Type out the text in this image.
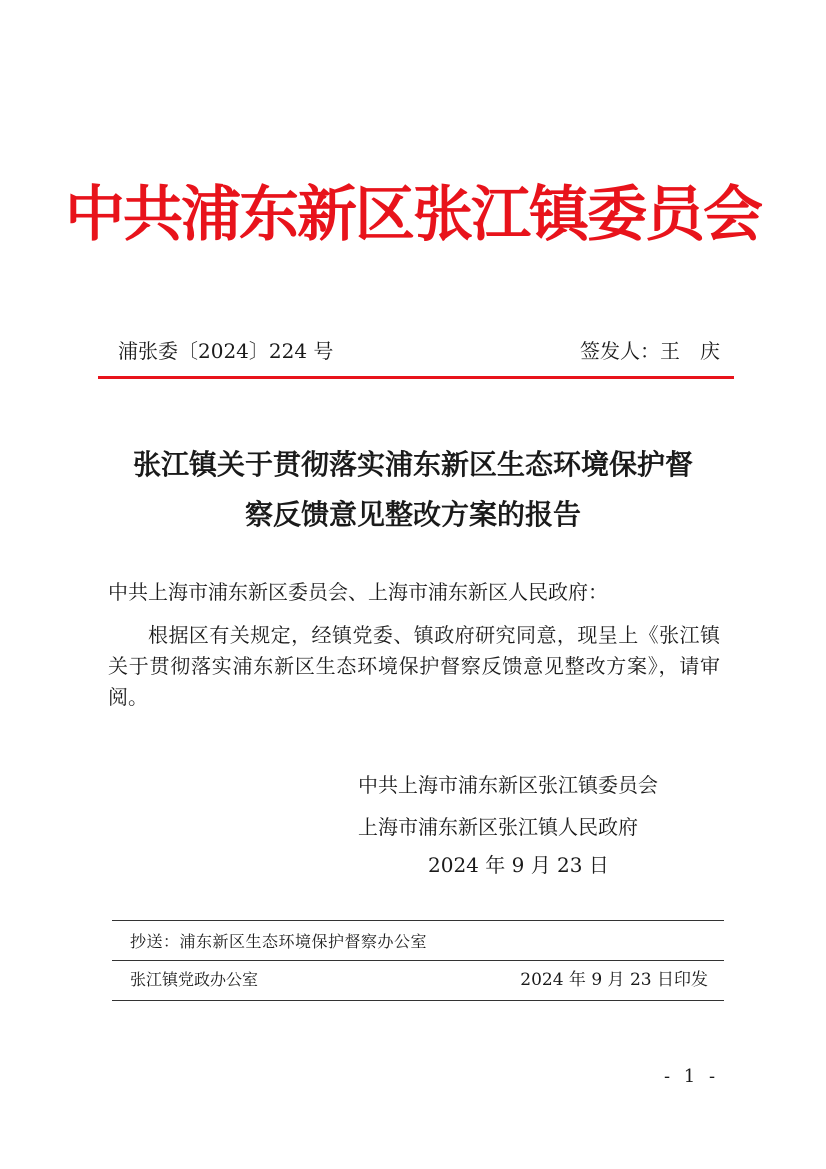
中共浦东新区张江镇委员会
浦张委〔2024〕224 号	签发人：王　庆
张江镇关于贯彻落实浦东新区生态环境保护督
察反馈意见整改方案的报告
中共上海市浦东新区委员会、上海市浦东新区人民政府：
根据区有关规定，经镇党委、镇政府研究同意，现呈上《张江镇关于贯彻落实浦东新区生态环境保护督察反馈意见整改方案》，请审阅。
中共上海市浦东新区张江镇委员会
上海市浦东新区张江镇人民政府
2024 年 9 月 23 日
抄送：浦东新区生态环境保护督察办公室
张江镇党政办公室	2024 年 9 月 23 日印发
- 1 -
